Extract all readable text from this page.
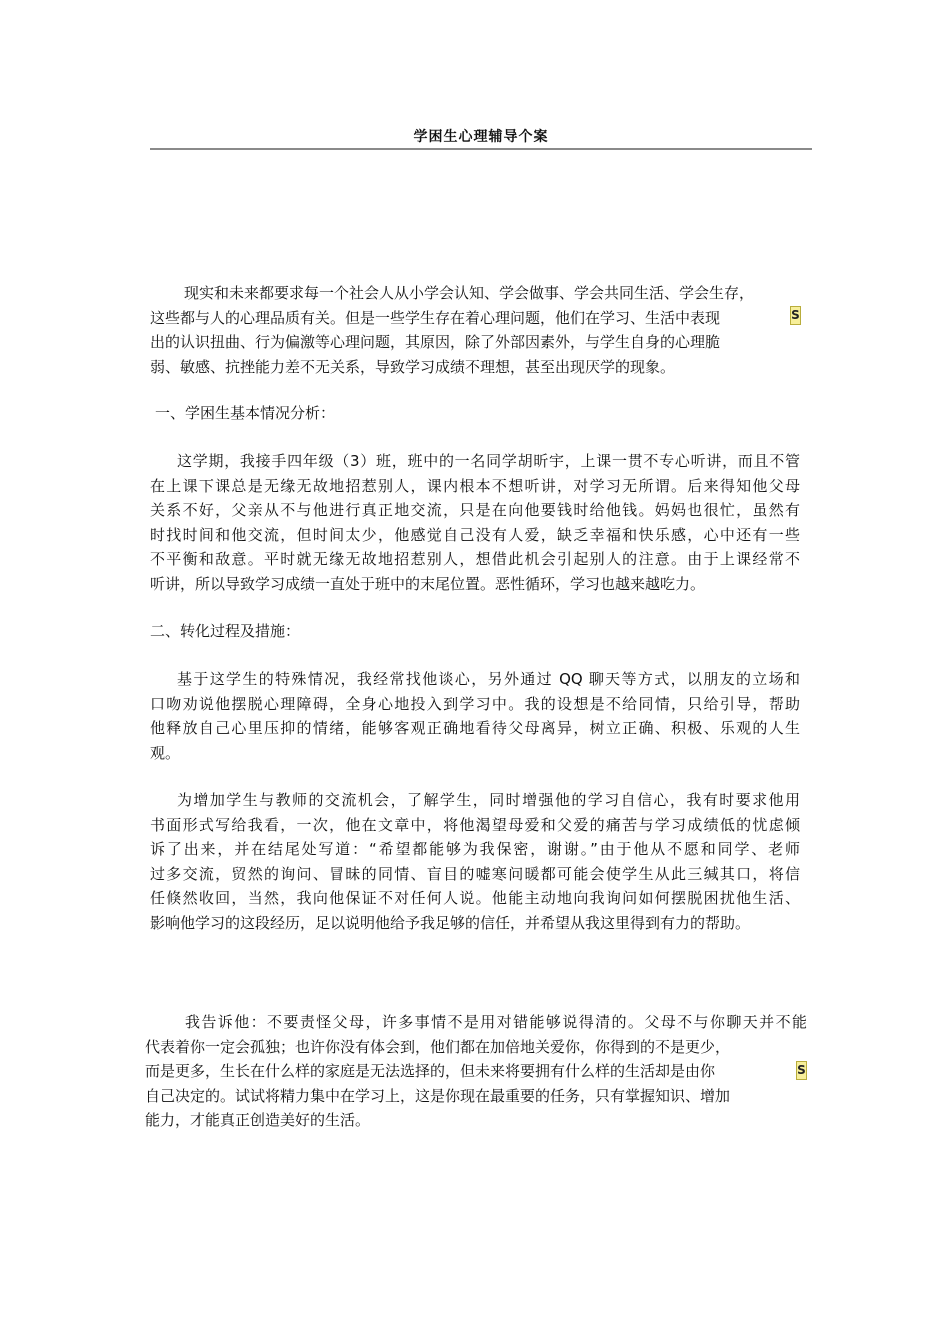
学困生心理辅导个案
现实和未来都要求每一个社会人从小学会认知、学会做事、学会共同生活、学会生存，
这些都与人的心理品质有关。但是一些学生存在着心理问题，他们在学习、生活中表现
出的认识扭曲、行为偏激等心理问题，其原因，除了外部因素外，与学生自身的心理脆
弱、敏感、抗挫能力差不无关系，导致学习成绩不理想，甚至出现厌学的现象。
S
一、学困生基本情况分析：
这学期，我接手四年级（3）班，班中的一名同学胡昕宇，上课一贯不专心听讲，而且不管
在上课下课总是无缘无故地招惹别人，课内根本不想听讲，对学习无所谓。后来得知他父母
关系不好，父亲从不与他进行真正地交流，只是在向他要钱时给他钱。妈妈也很忙，虽然有
时找时间和他交流，但时间太少，他感觉自己没有人爱，缺乏幸福和快乐感，心中还有一些
不平衡和敌意。平时就无缘无故地招惹别人，想借此机会引起别人的注意。由于上课经常不
听讲，所以导致学习成绩一直处于班中的末尾位置。恶性循环，学习也越来越吃力。
二、转化过程及措施：
基于这学生的特殊情况，我经常找他谈心，另外通过 QQ 聊天等方式，以朋友的立场和
口吻劝说他摆脱心理障碍，全身心地投入到学习中。我的设想是不给同情，只给引导，帮助
他释放自己心里压抑的情绪，能够客观正确地看待父母离异，树立正确、积极、乐观的人生
观。
为增加学生与教师的交流机会，了解学生，同时增强他的学习自信心，我有时要求他用
书面形式写给我看，一次，他在文章中，将他渴望母爱和父爱的痛苦与学习成绩低的忧虑倾
诉了出来，并在结尾处写道：“希望都能够为我保密，谢谢。”由于他从不愿和同学、老师
过多交流，贸然的询问、冒昧的同情、盲目的嘘寒问暖都可能会使学生从此三缄其口，将信
任倏然收回，当然，我向他保证不对任何人说。他能主动地向我询问如何摆脱困扰他生活、
影响他学习的这段经历，足以说明他给予我足够的信任，并希望从我这里得到有力的帮助。
我告诉他：不要责怪父母，许多事情不是用对错能够说得清的。父母不与你聊天并不能
代表着你一定会孤独；也许你没有体会到，他们都在加倍地关爱你，你得到的不是更少，
而是更多，生长在什么样的家庭是无法选择的，但未来将要拥有什么样的生活却是由你
自己决定的。试试将精力集中在学习上，这是你现在最重要的任务，只有掌握知识、增加
能力，才能真正创造美好的生活。
S
